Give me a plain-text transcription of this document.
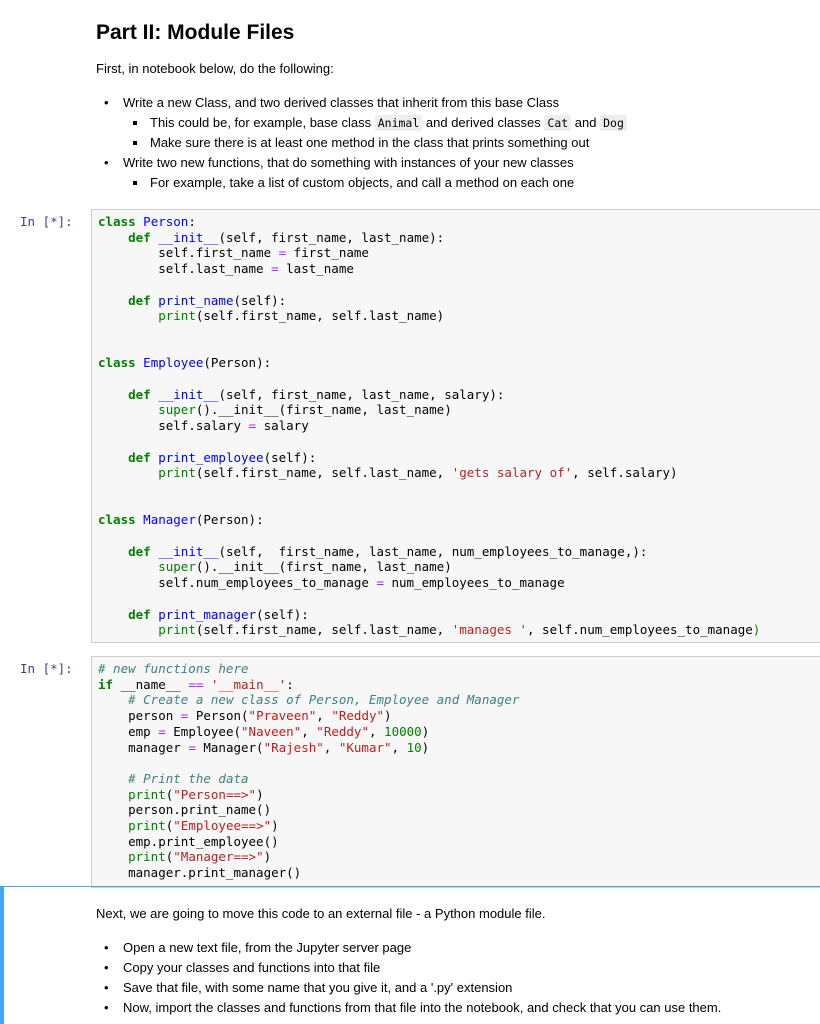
Part II: Module Files

First, in notebook below, do the following:

• Write a new Class, and two derived classes that inherit from this base Class
This could be, for example, base class Animal and derived classes Cat and Dog
Make sure there is at least one method in the class that prints something out
• Write two new functions, that do something with instances of your new classes
For example, take a list of custom objects, and call a method on each one
In [*]:	class Person:
def __init__(self, first_name, last_name):
self.first_name = first_name
self.last_name = last_name

def print_name(self):
print(self.first_name, self.last_name)

class Employee(Person):

def __init__(self, first_name, last_name, salary):
super().__init__(first_name, last_name)
self.salary = salary

def print_employee(self):
print(self.first_name, self.last_name, 'gets salary of', self.salary)

class Manager(Person):

def __init__(self,  first_name, last_name, num_employees_to_manage,):
super().__init__(first_name, last_name)
self.num_employees_to_manage = num_employees_to_manage

def print_manager(self):
print(self.first_name, self.last_name, 'manages ', self.num_employees_to_manage)
In [*]:	# new functions here
if __name__ == '__main__':
# Create a new class of Person, Employee and Manager
person = Person("Praveen", "Reddy")
emp = Employee("Naveen", "Reddy", 10000)
manager = Manager("Rajesh", "Kumar", 10)

# Print the data
print("Person==>")
person.print_name()
print("Employee==>")
emp.print_employee()
print("Manager==>")
manager.print_manager()

Next, we are going to move this code to an external file - a Python module file.

• Open a new text file, from the Jupyter server page
• Copy your classes and functions into that file
• Save that file, with some name that you give it, and a '.py' extension
• Now, import the classes and functions from that file into the notebook, and check that you can use them.
